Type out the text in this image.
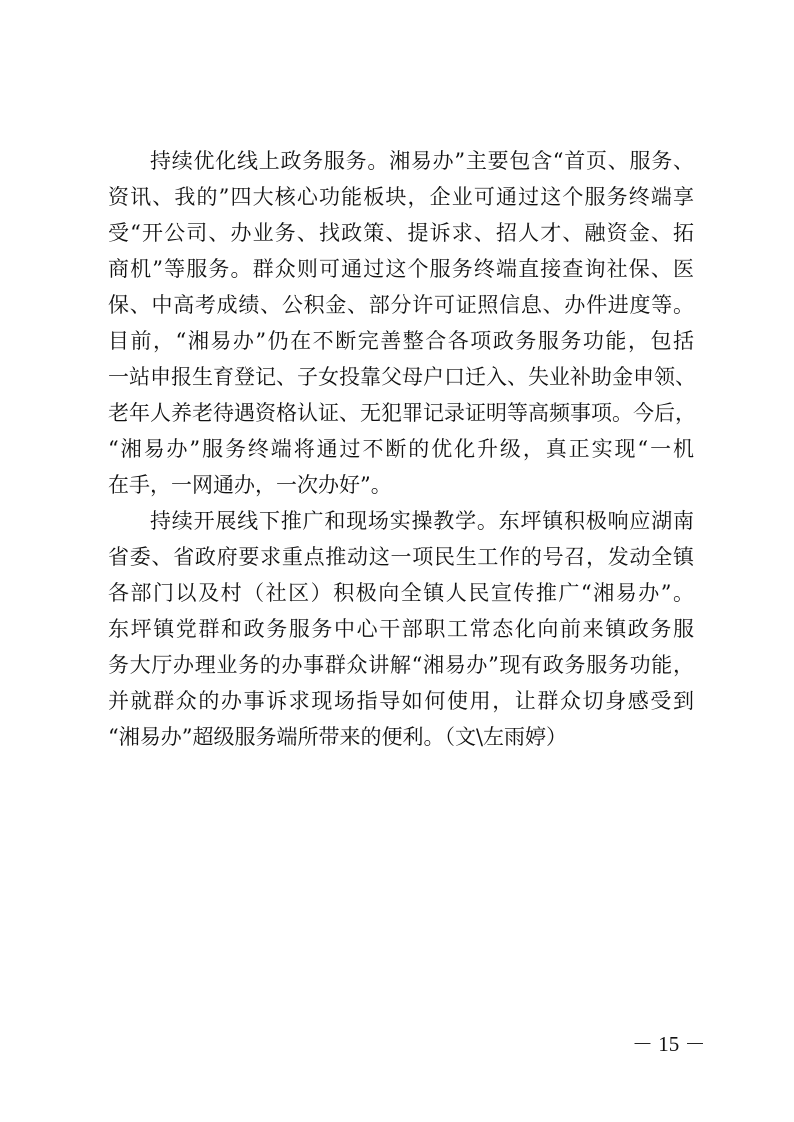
持续优化线上政务服务。湘易办”主要包含“首页、服务、
资讯、我的”四大核心功能板块，企业可通过这个服务终端享
受“开公司、办业务、找政策、提诉求、招人才、融资金、拓
商机”等服务。群众则可通过这个服务终端直接查询社保、医
保、中高考成绩、公积金、部分许可证照信息、办件进度等。
目前，“湘易办”仍在不断完善整合各项政务服务功能，包括
一站申报生育登记、子女投靠父母户口迁入、失业补助金申领、
老年人养老待遇资格认证、无犯罪记录证明等高频事项。今后，
“湘易办”服务终端将通过不断的优化升级，真正实现“一机
在手，一网通办，一次办好”。
持续开展线下推广和现场实操教学。东坪镇积极响应湖南
省委、省政府要求重点推动这一项民生工作的号召，发动全镇
各部门以及村（社区）积极向全镇人民宣传推广“湘易办”。
东坪镇党群和政务服务中心干部职工常态化向前来镇政务服
务大厅办理业务的办事群众讲解“湘易办”现有政务服务功能，
并就群众的办事诉求现场指导如何使用，让群众切身感受到
“湘易办”超级服务端所带来的便利。（文\左雨婷）
－ 15 －
